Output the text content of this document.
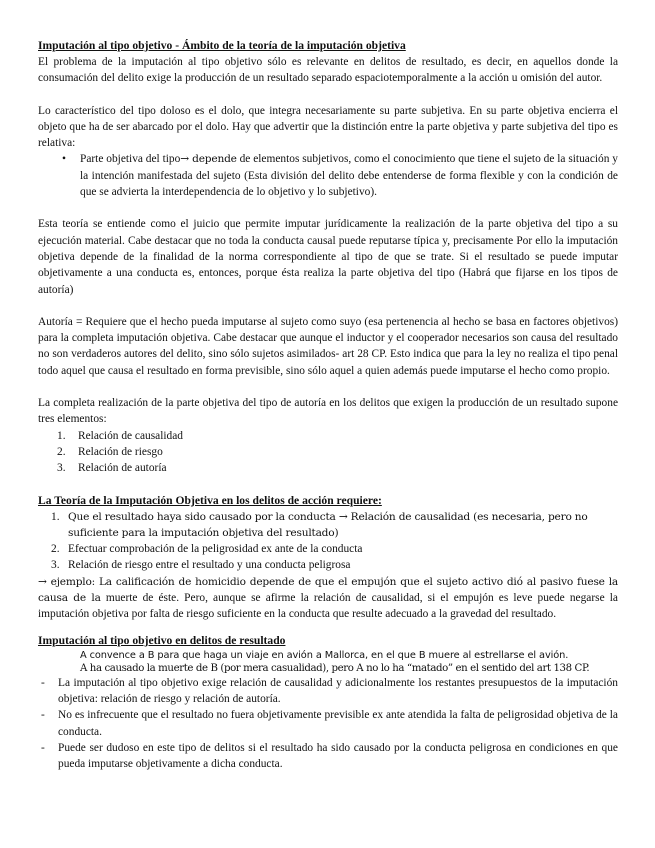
Imputación al tipo objetivo - Ámbito de la teoría de la imputación objetiva

El problema de la imputación al tipo objetivo sólo es relevante en delitos de resultado, es decir, en aquellos donde la consumación del delito exige la producción de un resultado separado espaciotemporalmente a la acción u omisión del autor.

Lo característico del tipo doloso es el dolo, que integra necesariamente su parte subjetiva. En su parte objetiva encierra el objeto que ha de ser abarcado por el dolo. Hay que advertir que la distinción entre la parte objetiva y parte subjetiva del tipo es relativa:

• Parte objetiva del tipo→ depende de elementos subjetivos, como el conocimiento que tiene el sujeto de la situación y la intención manifestada del sujeto (Esta división del delito debe entenderse de forma flexible y con la condición de que se advierta la interdependencia de lo objetivo y lo subjetivo).

Esta teoría se entiende como el juicio que permite imputar jurídicamente la realización de la parte objetiva del tipo a su ejecución material. Cabe destacar que no toda la conducta causal puede reputarse típica y, precisamente Por ello la imputación objetiva depende de la finalidad de la norma correspondiente al tipo de que se trate. Si el resultado se puede imputar objetivamente a una conducta es, entonces, porque ésta realiza la parte objetiva del tipo (Habrá que fijarse en los tipos de autoría)

Autoría = Requiere que el hecho pueda imputarse al sujeto como suyo (esa pertenencia al hecho se basa en factores objetivos) para la completa imputación objetiva. Cabe destacar que aunque el inductor y el cooperador necesarios son causa del resultado no son verdaderos autores del delito, sino sólo sujetos asimilados- art 28 CP. Esto indica que para la ley no realiza el tipo penal todo aquel que causa el resultado en forma previsible, sino sólo aquel a quien además puede imputarse el hecho como propio.

La completa realización de la parte objetiva del tipo de autoría en los delitos que exigen la producción de un resultado supone tres elementos:

1. Relación de causalidad
2. Relación de riesgo
3. Relación de autoría

La Teoría de la Imputación Objetiva en los delitos de acción requiere:

1. Que el resultado haya sido causado por la conducta → Relación de causalidad (es necesaria, pero no suficiente para la imputación objetiva del resultado)
2. Efectuar comprobación de la peligrosidad ex ante de la conducta
3. Relación de riesgo entre el resultado y una conducta peligrosa

→ ejemplo: La calificación de homicidio depende de que el empujón que el sujeto activo dió al pasivo fuese la causa de la muerte de éste. Pero, aunque se afirme la relación de causalidad, si el empujón es leve puede negarse la imputación objetiva por falta de riesgo suficiente en la conducta que resulte adecuado a la gravedad del resultado.

Imputación al tipo objetivo en delitos de resultado

A convence a B para que haga un viaje en avión a Mallorca, en el que B muere al estrellarse el avión.

A ha causado la muerte de B (por mera casualidad), pero A no lo ha “matado” en el sentido del art 138 CP.

- La imputación al tipo objetivo exige relación de causalidad y adicionalmente los restantes presupuestos de la imputación objetiva: relación de riesgo y relación de autoría.
- No es infrecuente que el resultado no fuera objetivamente previsible ex ante atendida la falta de peligrosidad objetiva de la conducta.
- Puede ser dudoso en este tipo de delitos si el resultado ha sido causado por la conducta peligrosa en condiciones en que pueda imputarse objetivamente a dicha conducta.
